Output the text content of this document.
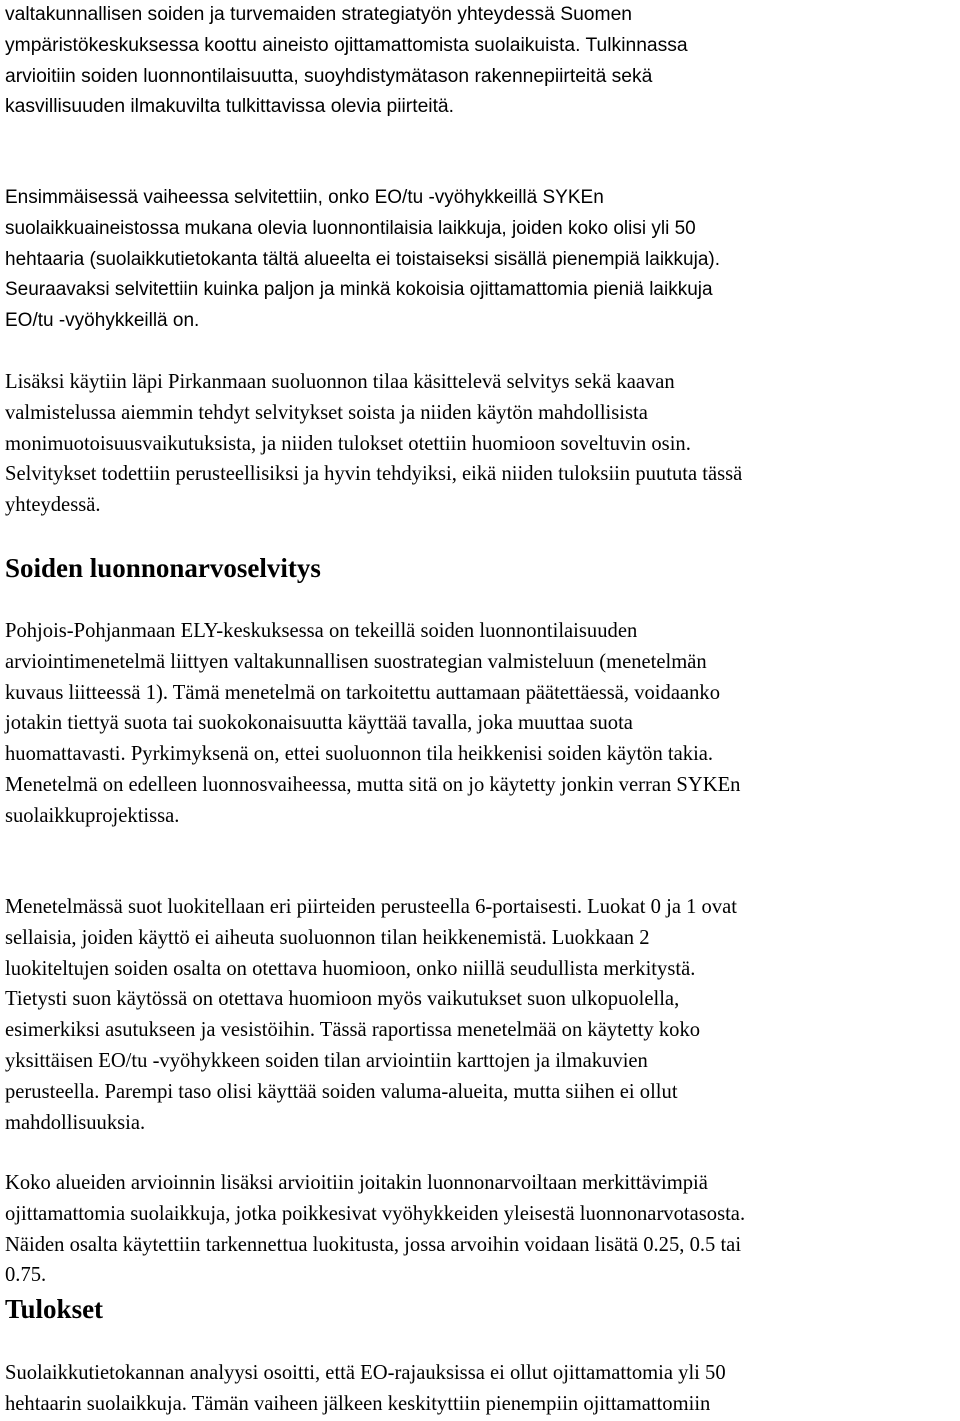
valtakunnallisen soiden ja turvemaiden strategiatyön yhteydessä Suomen
ympäristökeskuksessa koottu aineisto ojittamattomista suolaikuista. Tulkinnassa
arvioitiin soiden luonnontilaisuutta, suoyhdistymätason rakennepiirteitä sekä
kasvillisuuden ilmakuvilta tulkittavissa olevia piirteitä.
Ensimmäisessä vaiheessa selvitettiin, onko EO/tu -vyöhykkeillä SYKEn
suolaikkuaineistossa mukana olevia luonnontilaisia laikkuja, joiden koko olisi yli 50
hehtaaria (suolaikkutietokanta tältä alueelta ei toistaiseksi sisällä pienempiä laikkuja).
Seuraavaksi selvitettiin kuinka paljon ja minkä kokoisia ojittamattomia pieniä laikkuja
EO/tu -vyöhykkeillä on.
Lisäksi käytiin läpi Pirkanmaan suoluonnon tilaa käsittelevä selvitys sekä kaavan
valmistelussa aiemmin tehdyt selvitykset soista ja niiden käytön mahdollisista
monimuotoisuusvaikutuksista, ja niiden tulokset otettiin huomioon soveltuvin osin.
Selvitykset todettiin perusteellisiksi ja hyvin tehdyiksi, eikä niiden tuloksiin puututa tässä
yhteydessä.
Soiden luonnonarvoselvitys
Pohjois-Pohjanmaan ELY-keskuksessa on tekeillä soiden luonnontilaisuuden
arviointimenetelmä liittyen valtakunnallisen suostrategian valmisteluun (menetelmän
kuvaus liitteessä 1). Tämä menetelmä on tarkoitettu auttamaan päätettäessä, voidaanko
jotakin tiettyä suota tai suokokonaisuutta käyttää tavalla, joka muuttaa suota
huomattavasti. Pyrkimyksenä on, ettei suoluonnon tila heikkenisi soiden käytön takia.
Menetelmä on edelleen luonnosvaiheessa, mutta sitä on jo käytetty jonkin verran SYKEn
suolaikkuprojektissa.
Menetelmässä suot luokitellaan eri piirteiden perusteella 6-portaisesti. Luokat 0 ja 1 ovat
sellaisia, joiden käyttö ei aiheuta suoluonnon tilan heikkenemistä. Luokkaan 2
luokiteltujen soiden osalta on otettava huomioon, onko niillä seudullista merkitystä.
Tietysti suon käytössä on otettava huomioon myös vaikutukset suon ulkopuolella,
esimerkiksi asutukseen ja vesistöihin. Tässä raportissa menetelmää on käytetty koko
yksittäisen EO/tu -vyöhykkeen soiden tilan arviointiin karttojen ja ilmakuvien
perusteella. Parempi taso olisi käyttää soiden valuma-alueita, mutta siihen ei ollut
mahdollisuuksia.
Koko alueiden arvioinnin lisäksi arvioitiin joitakin luonnonarvoiltaan merkittävimpiä
ojittamattomia suolaikkuja, jotka poikkesivat vyöhykkeiden yleisestä luonnonarvotasosta.
Näiden osalta käytettiin tarkennettua luokitusta, jossa arvoihin voidaan lisätä 0.25, 0.5 tai
0.75.
Tulokset
Suolaikkutietokannan analyysi osoitti, että EO-rajauksissa ei ollut ojittamattomia yli 50
hehtaarin suolaikkuja. Tämän vaiheen jälkeen keskityttiin pienempiin ojittamattomiin
